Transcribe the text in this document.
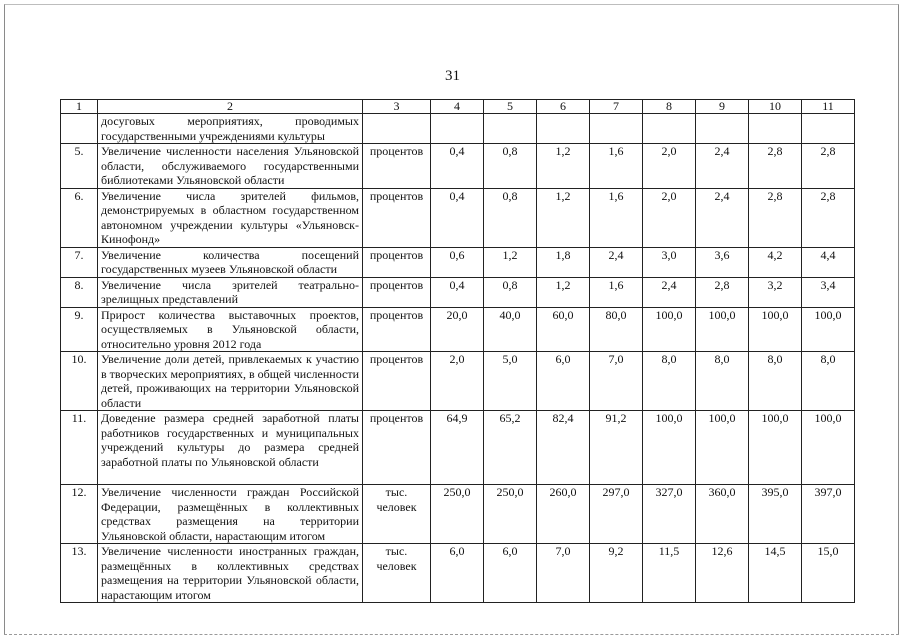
31
1	2	3	4	5	6	7	8	9	10	11
	досуговых мероприятиях, проводимых государственными учреждениями культуры									
5.	Увеличение численности населения Ульяновской области, обслуживаемого государственными библиотеками Ульяновской области	процентов	0,4	0,8	1,2	1,6	2,0	2,4	2,8	2,8
6.	Увеличение числа зрителей фильмов, демонстрируемых в областном государственном автономном учреждении культуры «Ульяновск-Кинофонд»	процентов	0,4	0,8	1,2	1,6	2,0	2,4	2,8	2,8
7.	Увеличение количества посещений государственных музеев Ульяновской области	процентов	0,6	1,2	1,8	2,4	3,0	3,6	4,2	4,4
8.	Увеличение числа зрителей театрально-зрелищных представлений	процентов	0,4	0,8	1,2	1,6	2,4	2,8	3,2	3,4
9.	Прирост количества выставочных проектов, осуществляемых в Ульяновской области, относительно уровня 2012 года	процентов	20,0	40,0	60,0	80,0	100,0	100,0	100,0	100,0
10.	Увеличение доли детей, привлекаемых к участию в творческих мероприятиях, в общей численности детей, проживающих на территории Ульяновской области	процентов	2,0	5,0	6,0	7,0	8,0	8,0	8,0	8,0
11.	Доведение размера средней заработной платы работников государственных и муниципальных учреждений культуры до размера средней заработной платы по Ульяновской области	процентов	64,9	65,2	82,4	91,2	100,0	100,0	100,0	100,0
12.	Увеличение численности граждан Российской Федерации, размещённых в коллективных средствах размещения на территории Ульяновской области, нарастающим итогом	тыс. человек	250,0	250,0	260,0	297,0	327,0	360,0	395,0	397,0
13.	Увеличение численности иностранных граждан, размещённых в коллективных средствах размещения на территории Ульяновской области, нарастающим итогом	тыс. человек	6,0	6,0	7,0	9,2	11,5	12,6	14,5	15,0
